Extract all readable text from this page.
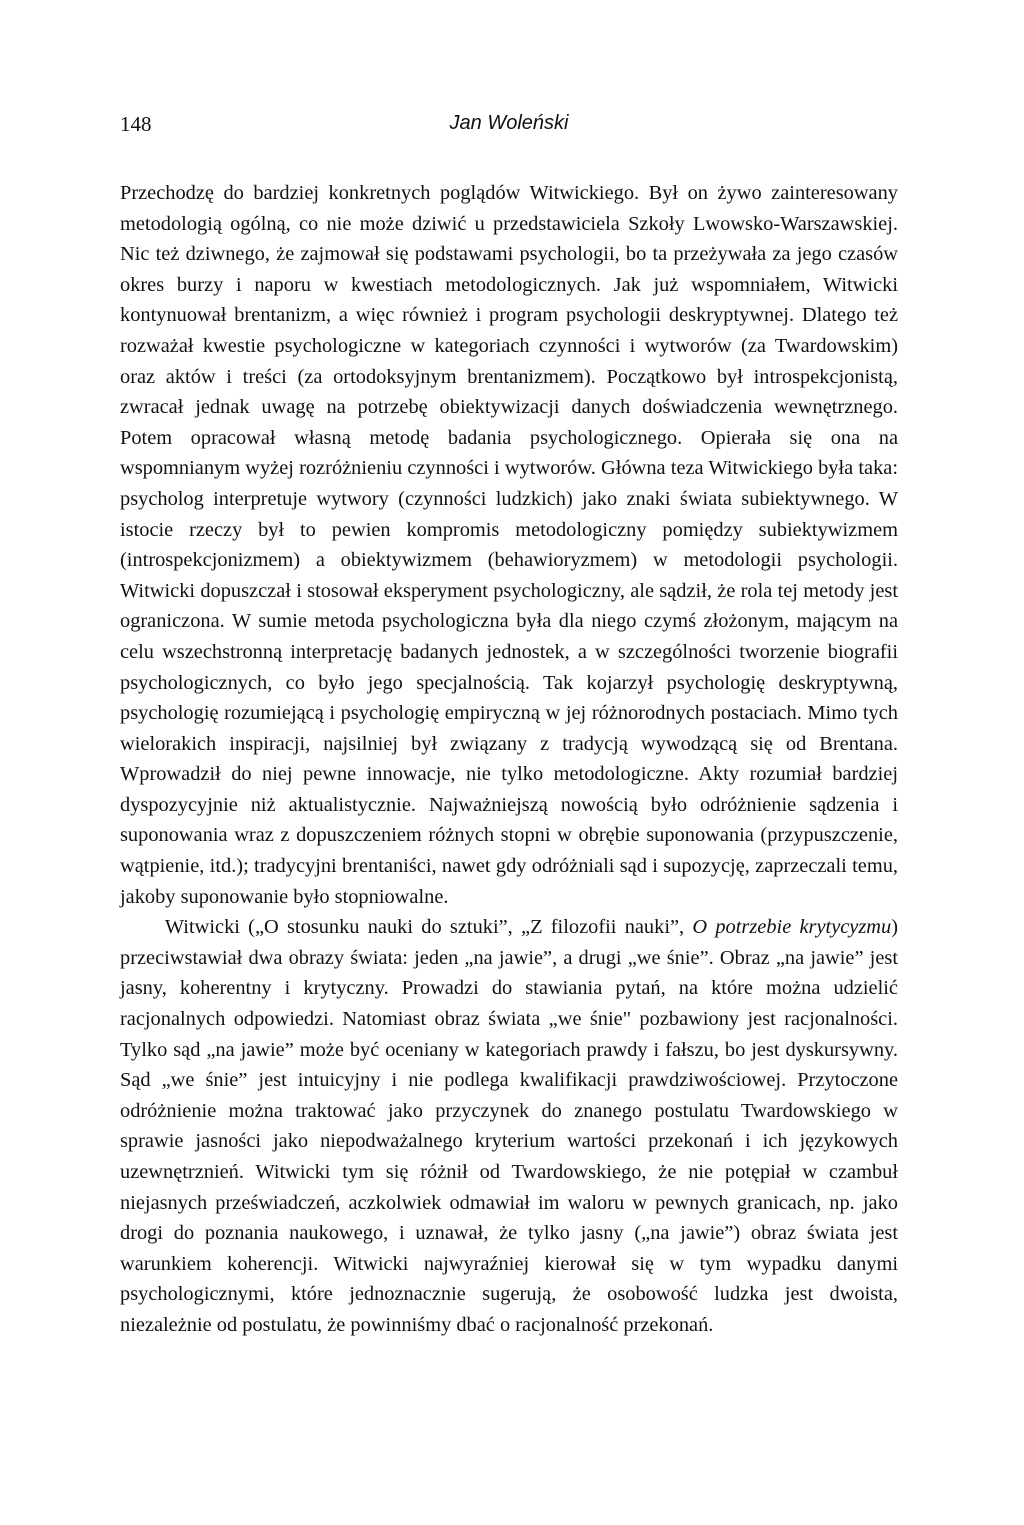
148	Jan Woleński

Przechodzę do bardziej konkretnych poglądów Witwickiego. Był on żywo zainteresowany metodologią ogólną, co nie może dziwić u przedstawiciela Szkoły Lwowsko-Warszawskiej. Nic też dziwnego, że zajmował się podstawami psychologii, bo ta przeżywała za jego czasów okres burzy i naporu w kwestiach metodologicznych. Jak już wspomniałem, Witwicki kontynuował brentanizm, a więc również i program psychologii deskryptywnej. Dlatego też rozważał kwestie psychologiczne w kategoriach czynności i wytworów (za Twardowskim) oraz aktów i treści (za ortodoksyjnym brentanizmem). Początkowo był introspekcjonistą, zwracał jednak uwagę na potrzebę obiektywizacji danych doświadczenia wewnętrznego. Potem opracował własną metodę badania psychologicznego. Opierała się ona na wspomnianym wyżej rozróżnieniu czynności i wytworów. Główna teza Witwickiego była taka: psycholog interpretuje wytwory (czynności ludzkich) jako znaki świata subiektywnego. W istocie rzeczy był to pewien kompromis metodologiczny pomiędzy subiektywizmem (introspekcjonizmem) a obiektywizmem (behawioryzmem) w metodologii psychologii. Witwicki dopuszczał i stosował eksperyment psychologiczny, ale sądził, że rola tej metody jest ograniczona. W sumie metoda psychologiczna była dla niego czymś złożonym, mającym na celu wszechstronną interpretację badanych jednostek, a w szczególności tworzenie biografii psychologicznych, co było jego specjalnością. Tak kojarzył psychologię deskryptywną, psychologię rozumiejącą i psychologię empiryczną w jej różnorodnych postaciach. Mimo tych wielorakich inspiracji, najsilniej był związany z tradycją wywodzącą się od Brentana. Wprowadził do niej pewne innowacje, nie tylko metodologiczne. Akty rozumiał bardziej dyspozycyjnie niż aktualistycznie. Najważniejszą nowością było odróżnienie sądzenia i suponowania wraz z dopuszczeniem różnych stopni w obrębie suponowania (przypuszczenie, wątpienie, itd.); tradycyjni brentaniści, nawet gdy odróżniali sąd i supozycję, zaprzeczali temu, jakoby suponowanie było stopniowalne.

Witwicki („O stosunku nauki do sztuki”, „Z filozofii nauki”, O potrzebie krytycyzmu) przeciwstawiał dwa obrazy świata: jeden „na jawie”, a drugi „we śnie”. Obraz „na jawie” jest jasny, koherentny i krytyczny. Prowadzi do stawiania pytań, na które można udzielić racjonalnych odpowiedzi. Natomiast obraz świata „we śnie" pozbawiony jest racjonalności. Tylko sąd „na jawie” może być oceniany w kategoriach prawdy i fałszu, bo jest dyskursywny. Sąd „we śnie” jest intuicyjny i nie podlega kwalifikacji prawdziwościowej. Przytoczone odróżnienie można traktować jako przyczynek do znanego postulatu Twardowskiego w sprawie jasności jako niepodważalnego kryterium wartości przekonań i ich językowych uzewnętrznień. Witwicki tym się różnił od Twardowskiego, że nie potępiał w czambuł niejasnych przeświadczeń, aczkolwiek odmawiał im waloru w pewnych granicach, np. jako drogi do poznania naukowego, i uznawał, że tylko jasny („na jawie”) obraz świata jest warunkiem koherencji. Witwicki najwyraźniej kierował się w tym wypadku danymi psychologicznymi, które jednoznacznie sugerują, że osobowość ludzka jest dwoista, niezależnie od postulatu, że powinniśmy dbać o racjonalność przekonań.
